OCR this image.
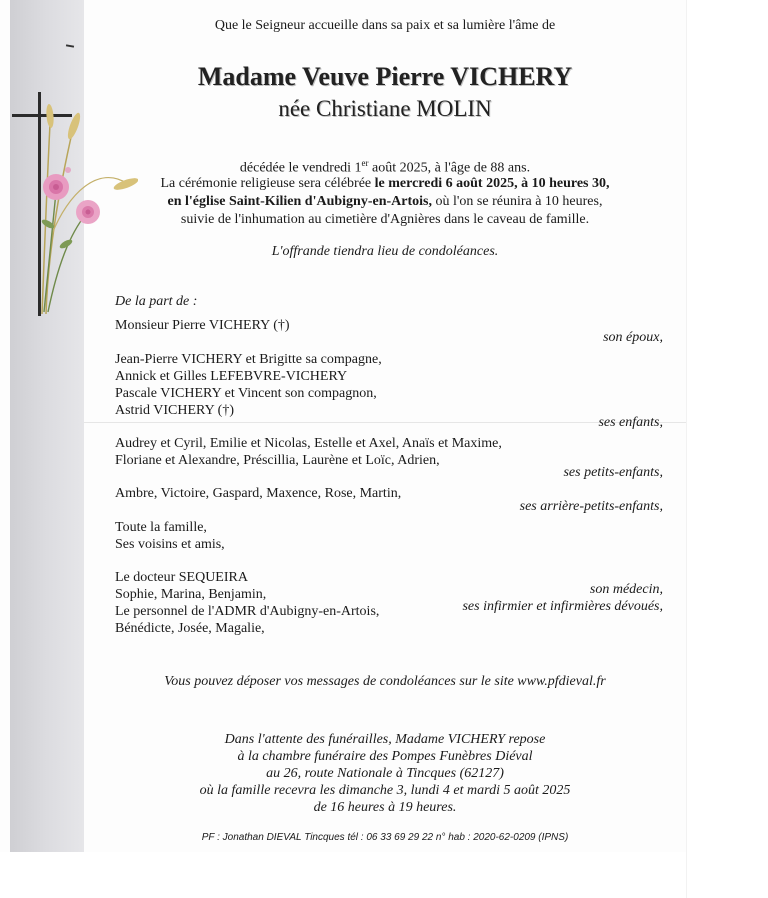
Que le Seigneur accueille dans sa paix et sa lumière l'âme de

Madame Veuve Pierre VICHERY
née Christiane MOLIN

décédée le vendredi 1er août 2025, à l'âge de 88 ans.

La cérémonie religieuse sera célébrée le mercredi 6 août 2025, à 10 heures 30,

en l'église Saint-Kilien d'Aubigny-en-Artois, où l'on se réunira à 10 heures,

suivie de l'inhumation au cimetière d'Agnières dans le caveau de famille.

L'offrande tiendra lieu de condoléances.

De la part de :

Monsieur Pierre VICHERY (†)

son époux,

Jean-Pierre VICHERY et Brigitte sa compagne,

Annick et Gilles LEFEBVRE-VICHERY

Pascale VICHERY et Vincent son compagnon,

Astrid VICHERY (†)

ses enfants,

Audrey et Cyril, Emilie et Nicolas, Estelle et Axel, Anaïs et Maxime,

Floriane et Alexandre, Préscillia, Laurène et Loïc, Adrien,

ses petits-enfants,

Ambre, Victoire, Gaspard, Maxence, Rose, Martin,

ses arrière-petits-enfants,

Toute la famille,

Ses voisins et amis,

Le docteur SEQUEIRA

son médecin,

Sophie, Marina, Benjamin,

ses infirmier et infirmières dévoués,

Le personnel de l'ADMR d'Aubigny-en-Artois,

Bénédicte, Josée, Magalie,

Vous pouvez déposer vos messages de condoléances sur le site www.pfdieval.fr

Dans l'attente des funérailles, Madame VICHERY repose

à la chambre funéraire des Pompes Funèbres Diéval

au 26, route Nationale à Tincques (62127)

où la famille recevra les dimanche 3, lundi 4 et mardi 5 août 2025

de 16 heures à 19 heures.

PF : Jonathan DIEVAL Tincques tél : 06 33 69 29 22 n° hab : 2020-62-0209 (IPNS)
